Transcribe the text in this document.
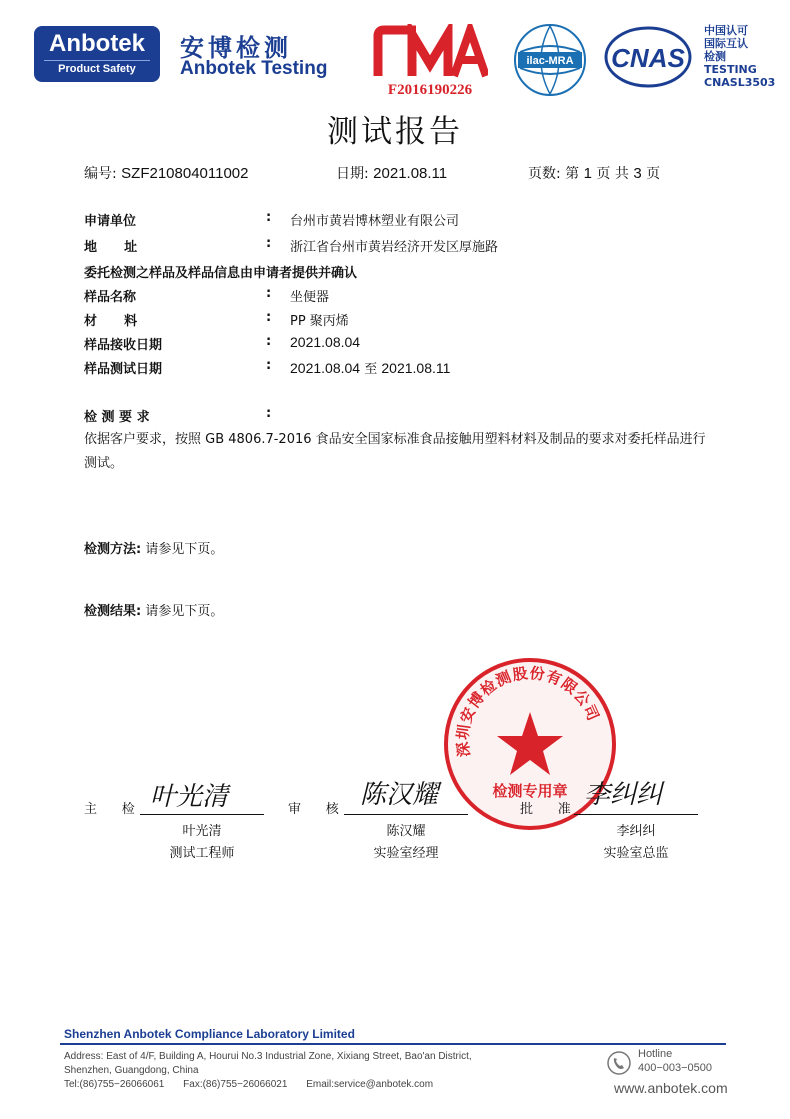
Anbotek
Product Safety
安博检测
Anbotek Testing
F2016190226
ilac-MRA CNAS
中国认可
国际互认
检测
TESTING
CNASL3503
测试报告
编号: SZF210804011002	日期: 2021.08.11	页数: 第 1 页 共 3 页
申请单位	: 台州市黄岩博林塑业有限公司
地      址	: 浙江省台州市黄岩经济开发区厚施路
委托检测之样品及样品信息由申请者提供并确认
样品名称	: 坐便器
材      料	: PP 聚丙烯
样品接收日期	: 2021.08.04
样品测试日期	: 2021.08.04 至 2021.08.11
检 测 要 求	:
依据客户要求，按照 GB 4806.7-2016 食品安全国家标准食品接触用塑料材料及制品的要求对委托样品进行测试。
检测方法: 请参见下页。
检测结果: 请参见下页。
深圳安博检测股份有限公司
检测专用章
主      检 叶光清
叶光清
测试工程师
审      核 陈汉耀
陈汉耀
实验室经理
批      准 李纠纠
李纠纠
实验室总监
Shenzhen Anbotek Compliance Laboratory Limited
Address: East of 4/F, Building A, Hourui No.3 Industrial Zone, Xixiang Street, Bao'an District,
Shenzhen, Guangdong, China
Tel:(86)755−26066061 Fax:(86)755−26066021 Email:service@anbotek.com
Hotline
400−003−0500
www.anbotek.com
